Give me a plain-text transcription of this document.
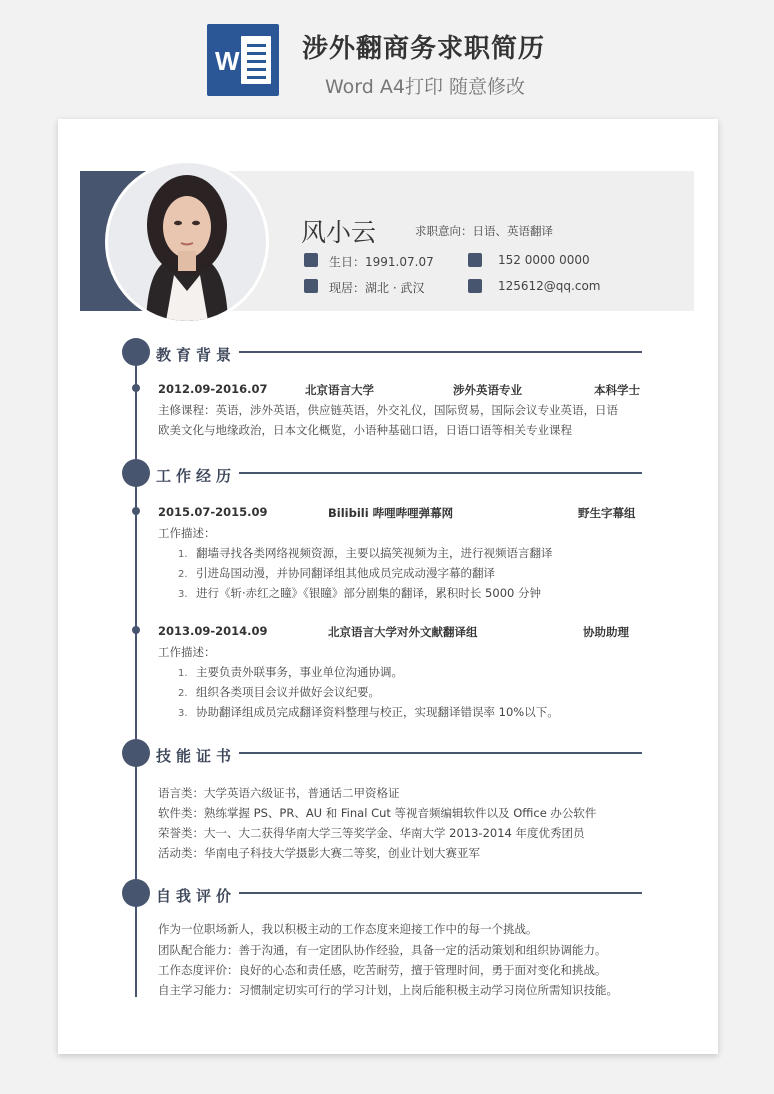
W 涉外翻商务求职简历
Word A4打印 随意修改
风小云	求职意向：日语、英语翻译
生日：1991.07.07	152 0000 0000
现居：湖北 · 武汉	125612@qq.com
教育背景
2012.09-2016.07	北京语言大学	涉外英语专业	本科学士
主修课程：英语，涉外英语，供应链英语，外交礼仪，国际贸易，国际会议专业英语，日语
欧美文化与地缘政治，日本文化概览，小语种基础口语，日语口语等相关专业课程
工作经历
2015.07-2015.09	Bilibili 哔哩哔哩弹幕网	野生字幕组
工作描述：
1. 翻墙寻找各类网络视频资源，主要以搞笑视频为主，进行视频语言翻译
2. 引进岛国动漫，并协同翻译组其他成员完成动漫字幕的翻译
3. 进行《斩·赤红之瞳》《银瞳》部分剧集的翻译，累积时长 5000 分钟
2013.09-2014.09	北京语言大学对外文献翻译组	协助助理
工作描述：
1. 主要负责外联事务，事业单位沟通协调。
2. 组织各类项目会议并做好会议纪要。
3. 协助翻译组成员完成翻译资料整理与校正，实现翻译错误率 10%以下。
技能证书
语言类：大学英语六级证书，普通话二甲资格证
软件类：熟练掌握 PS、PR、AU 和 Final Cut 等视音频编辑软件以及 Office 办公软件
荣誉类：大一、大二获得华南大学三等奖学金、华南大学 2013-2014 年度优秀团员
活动类：华南电子科技大学摄影大赛二等奖，创业计划大赛亚军
自我评价
作为一位职场新人，我以积极主动的工作态度来迎接工作中的每一个挑战。
团队配合能力：善于沟通，有一定团队协作经验，具备一定的活动策划和组织协调能力。
工作态度评价：良好的心态和责任感，吃苦耐劳，擅于管理时间，勇于面对变化和挑战。
自主学习能力：习惯制定切实可行的学习计划，上岗后能积极主动学习岗位所需知识技能。
